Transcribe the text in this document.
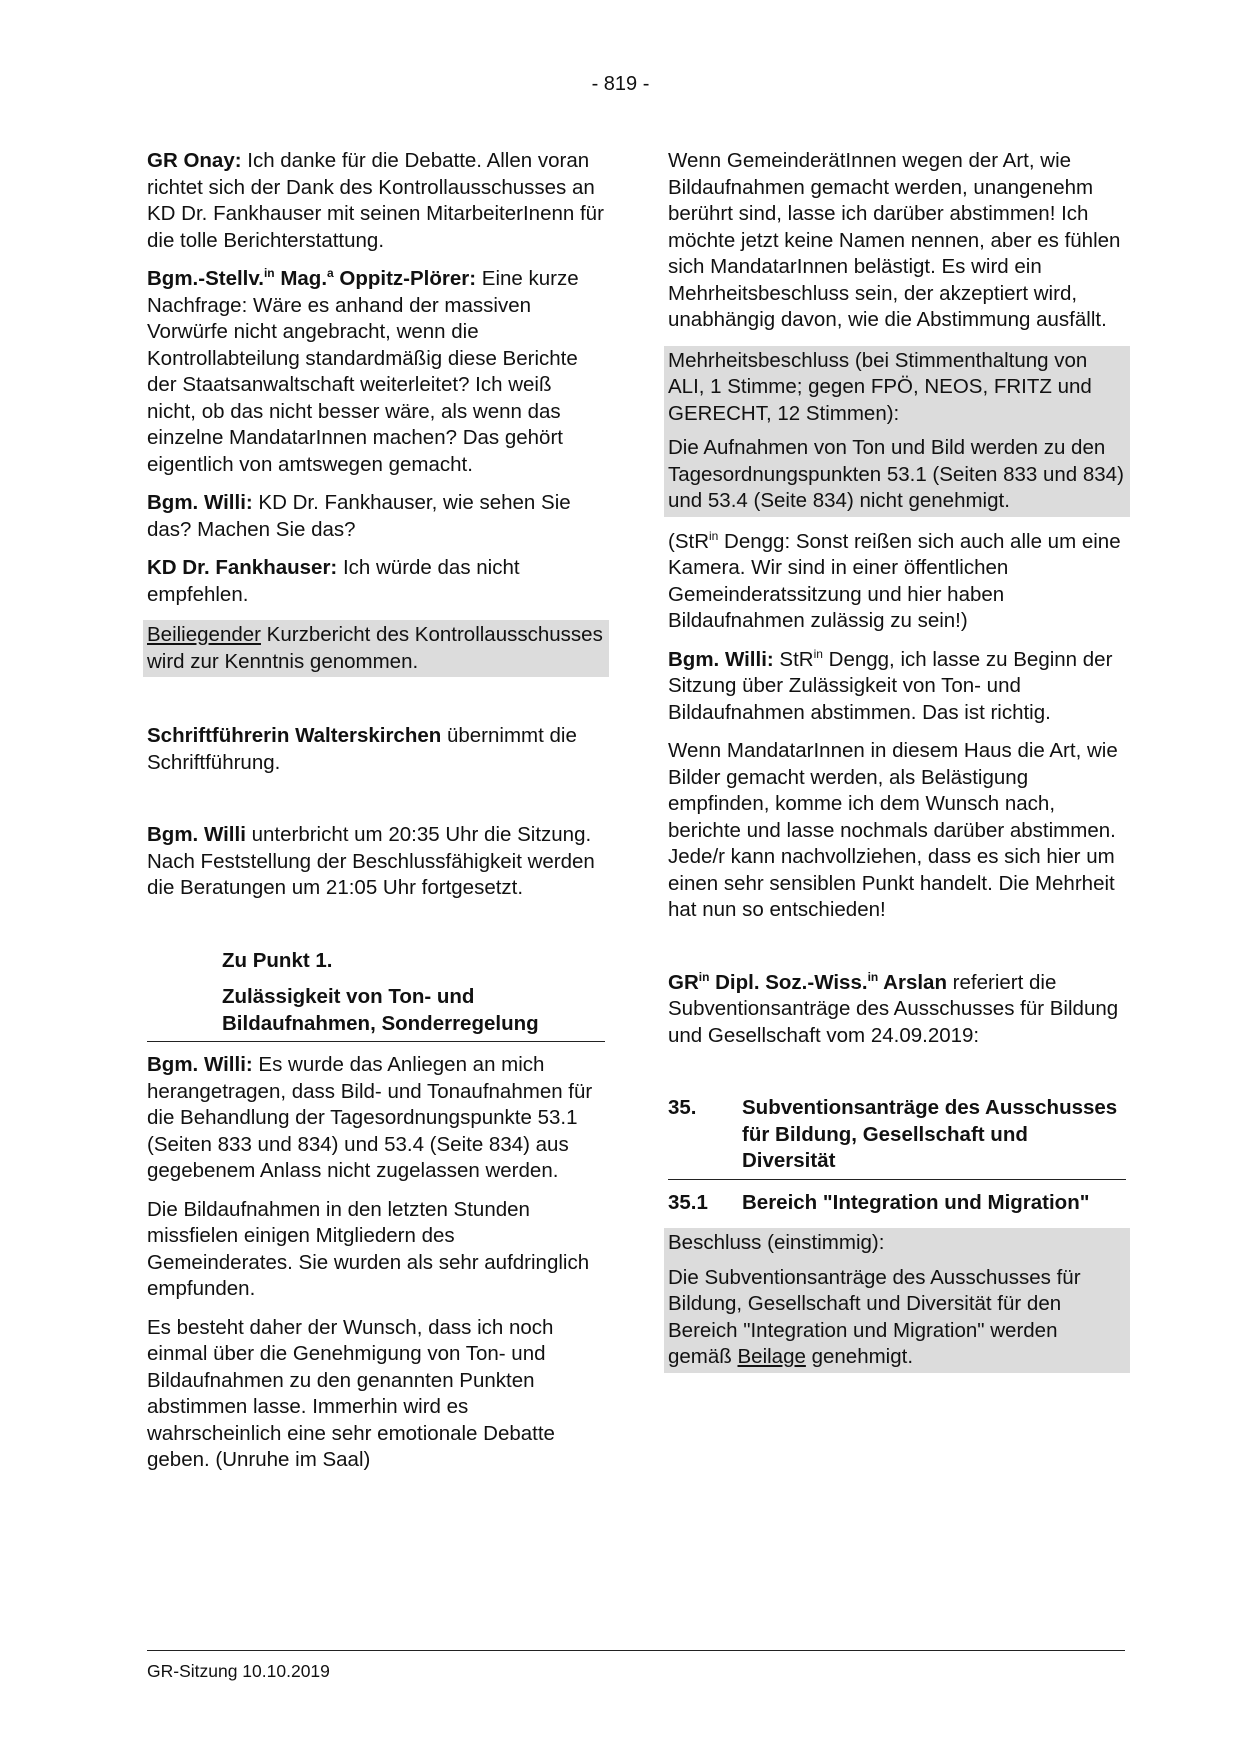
- 819 -

GR Onay: Ich danke für die Debatte. Allen voran richtet sich der Dank des Kontrollausschusses an KD Dr. Fankhauser mit seinen MitarbeiterInenn für die tolle Berichterstattung.

Bgm.-Stellv.$^{in}$ Mag.$^a$ Oppitz-Plörer: Eine kurze Nachfrage: Wäre es anhand der massiven Vorwürfe nicht angebracht, wenn die Kontrollabteilung standardmäßig diese Berichte der Staatsanwaltschaft weiterleitet? Ich weiß nicht, ob das nicht besser wäre, als wenn das einzelne MandatarInnen machen? Das gehört eigentlich von amtswegen gemacht.

Bgm. Willi: KD Dr. Fankhauser, wie sehen Sie das? Machen Sie das?

KD Dr. Fankhauser: Ich würde das nicht empfehlen.

Beiliegender Kurzbericht des Kontrollausschusses wird zur Kenntnis genommen.

Schriftführerin Walterskirchen übernimmt die Schriftführung.

Bgm. Willi unterbricht um 20:35 Uhr die Sitzung. Nach Feststellung der Beschlussfähigkeit werden die Beratungen um 21:05 Uhr fortgesetzt.

Zu Punkt 1.

Zulässigkeit von Ton- und Bildaufnahmen, Sonderregelung

Bgm. Willi: Es wurde das Anliegen an mich herangetragen, dass Bild- und Tonaufnahmen für die Behandlung der Tagesordnungspunkte 53.1 (Seiten 833 und 834) und 53.4 (Seite 834) aus gegebenem Anlass nicht zugelassen werden.

Die Bildaufnahmen in den letzten Stunden missfielen einigen Mitgliedern des Gemeinderates. Sie wurden als sehr aufdringlich empfunden.

Es besteht daher der Wunsch, dass ich noch einmal über die Genehmigung von Ton- und Bildaufnahmen zu den genannten Punkten abstimmen lasse. Immerhin wird es wahrscheinlich eine sehr emotionale Debatte geben. (Unruhe im Saal)

Wenn GemeinderätInnen wegen der Art, wie Bildaufnahmen gemacht werden, unangenehm berührt sind, lasse ich darüber abstimmen! Ich möchte jetzt keine Namen nennen, aber es fühlen sich MandatarInnen belästigt. Es wird ein Mehrheitsbeschluss sein, der akzeptiert wird, unabhängig davon, wie die Abstimmung ausfällt.

Mehrheitsbeschluss (bei Stimmenthaltung von ALI, 1 Stimme; gegen FPÖ, NEOS, FRITZ und GERECHT, 12 Stimmen):

Die Aufnahmen von Ton und Bild werden zu den Tagesordnungspunkten 53.1 (Seiten 833 und 834) und 53.4 (Seite 834) nicht genehmigt.

(StR$^{in}$ Dengg: Sonst reißen sich auch alle um eine Kamera. Wir sind in einer öffentlichen Gemeinderatssitzung und hier haben Bildaufnahmen zulässig zu sein!)

Bgm. Willi: StR$^{in}$ Dengg, ich lasse zu Beginn der Sitzung über Zulässigkeit von Ton- und Bildaufnahmen abstimmen. Das ist richtig.

Wenn MandatarInnen in diesem Haus die Art, wie Bilder gemacht werden, als Belästigung empfinden, komme ich dem Wunsch nach, berichte und lasse nochmals darüber abstimmen. Jede/r kann nachvollziehen, dass es sich hier um einen sehr sensiblen Punkt handelt. Die Mehrheit hat nun so entschieden!

$GR^{in}$ Dipl. Soz.-Wiss.$^{in}$ Arslan referiert die Subventionsanträge des Ausschusses für Bildung und Gesellschaft vom 24.09.2019:

35.	Subventionsanträge des Ausschusses für Bildung, Gesellschaft und Diversität
35.1	Bereich "Integration und Migration"

Beschluss (einstimmig):

Die Subventionsanträge des Ausschusses für Bildung, Gesellschaft und Diversität für den Bereich "Integration und Migration" werden gemäß Beilage genehmigt.

GR-Sitzung 10.10.2019
